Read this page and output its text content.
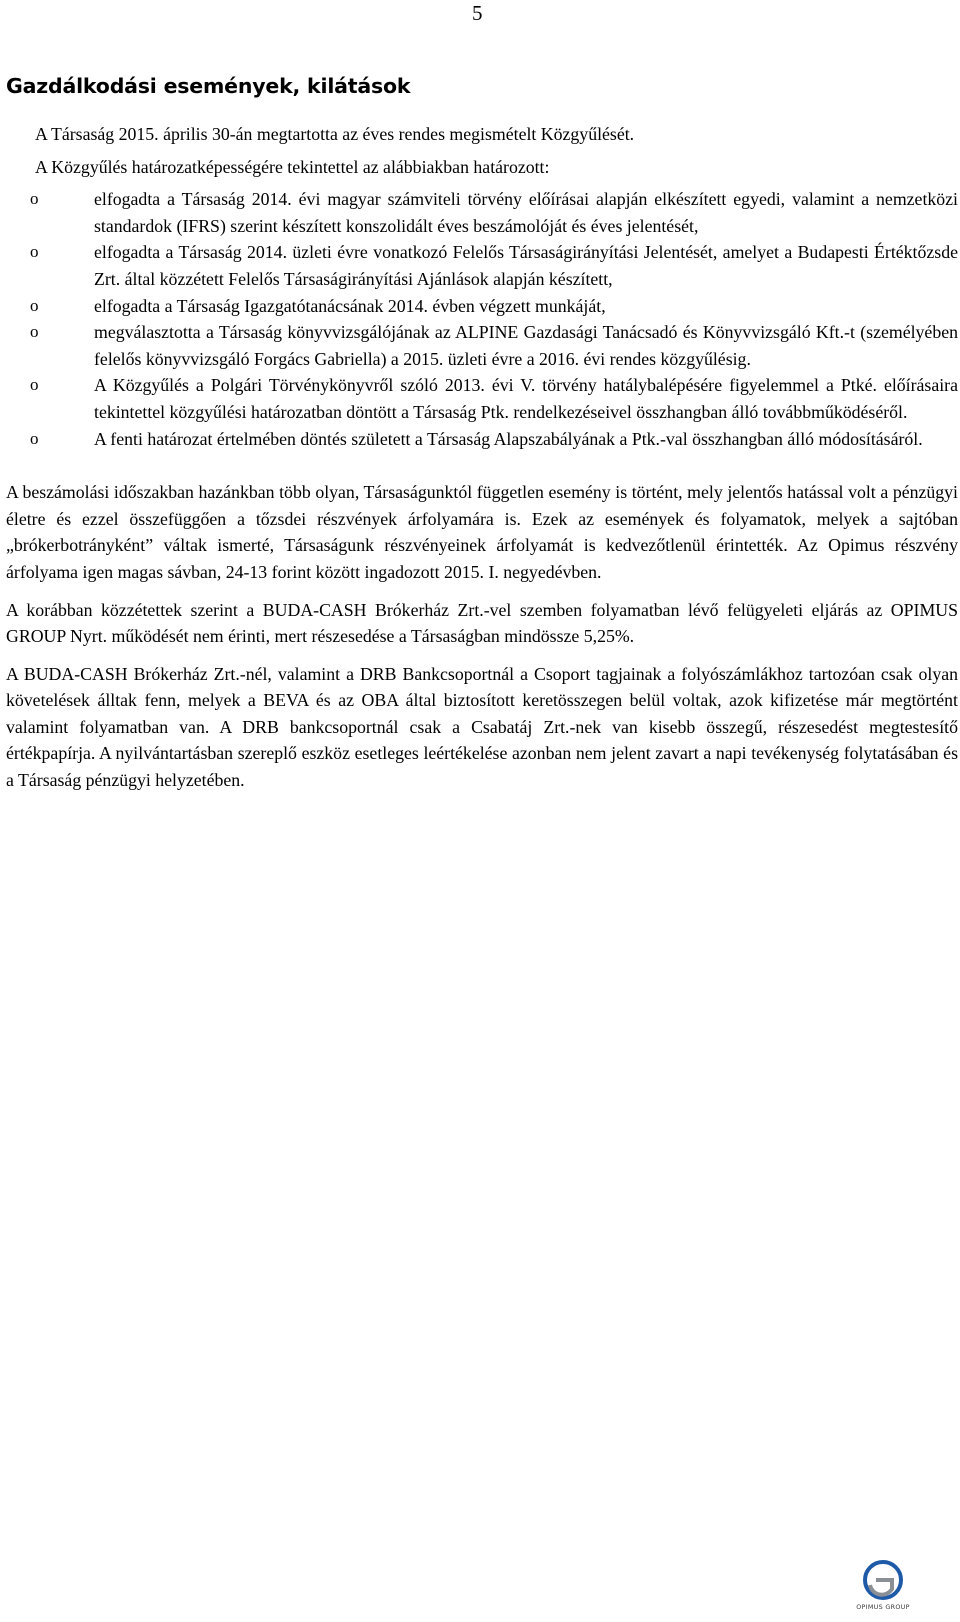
5
Gazdálkodási események, kilátások

A Társaság 2015. április 30-án megtartotta az éves rendes megismételt Közgyűlését.

A Közgyűlés határozatképességére tekintettel az alábbiakban határozott:

o	elfogadta a Társaság 2014. évi magyar számviteli törvény előírásai alapján elkészített egyedi, valamint a nemzetközi standardok (IFRS) szerint készített konszolidált éves beszámolóját és éves jelentését,
o	elfogadta a Társaság 2014. üzleti évre vonatkozó Felelős Társaságirányítási Jelentését, amelyet a Budapesti Értéktőzsde Zrt. által közzétett Felelős Társaságirányítási Ajánlások alapján készített,
o	elfogadta a Társaság Igazgatótanácsának 2014. évben végzett munkáját,
o	megválasztotta a Társaság könyvvizsgálójának az ALPINE Gazdasági Tanácsadó és Könyvvizsgáló Kft.-t (személyében felelős könyvvizsgáló Forgács Gabriella) a 2015. üzleti évre a 2016. évi rendes közgyűlésig.
o	A Közgyűlés a Polgári Törvénykönyvről szóló 2013. évi V. törvény hatálybalépésére figyelemmel a Ptké. előírásaira tekintettel közgyűlési határozatban döntött a Társaság Ptk. rendelkezéseivel összhangban álló továbbműködéséről.
o	A fenti határozat értelmében döntés született a Társaság Alapszabályának a Ptk.-val összhangban álló módosításáról.

A beszámolási időszakban hazánkban több olyan, Társaságunktól független esemény is történt, mely jelentős hatással volt a pénzügyi életre és ezzel összefüggően a tőzsdei részvények árfolyamára is. Ezek az események és folyamatok, melyek a sajtóban „brókerbotrányként” váltak ismerté, Társaságunk részvényeinek árfolyamát is kedvezőtlenül érintették. Az Opimus részvény árfolyama igen magas sávban, 24-13 forint között ingadozott 2015. I. negyedévben.

A korábban közzétettek szerint a BUDA-CASH Brókerház Zrt.-vel szemben folyamatban lévő felügyeleti eljárás az OPIMUS GROUP Nyrt. működését nem érinti, mert részesedése a Társaságban mindössze 5,25%.

A BUDA-CASH Brókerház Zrt.-nél, valamint a DRB Bankcsoportnál a Csoport tagjainak a folyószámlákhoz tartozóan csak olyan követelések álltak fenn, melyek a BEVA és az OBA által biztosított keretösszegen belül voltak, azok kifizetése már megtörtént valamint folyamatban van. A DRB bankcsoportnál csak a Csabatáj Zrt.-nek van kisebb összegű, részesedést megtestesítő értékpapírja. A nyilvántartásban szereplő eszköz esetleges leértékelése azonban nem jelent zavart a napi tevékenység folytatásában és a Társaság pénzügyi helyzetében.

OPIMUS GROUP
